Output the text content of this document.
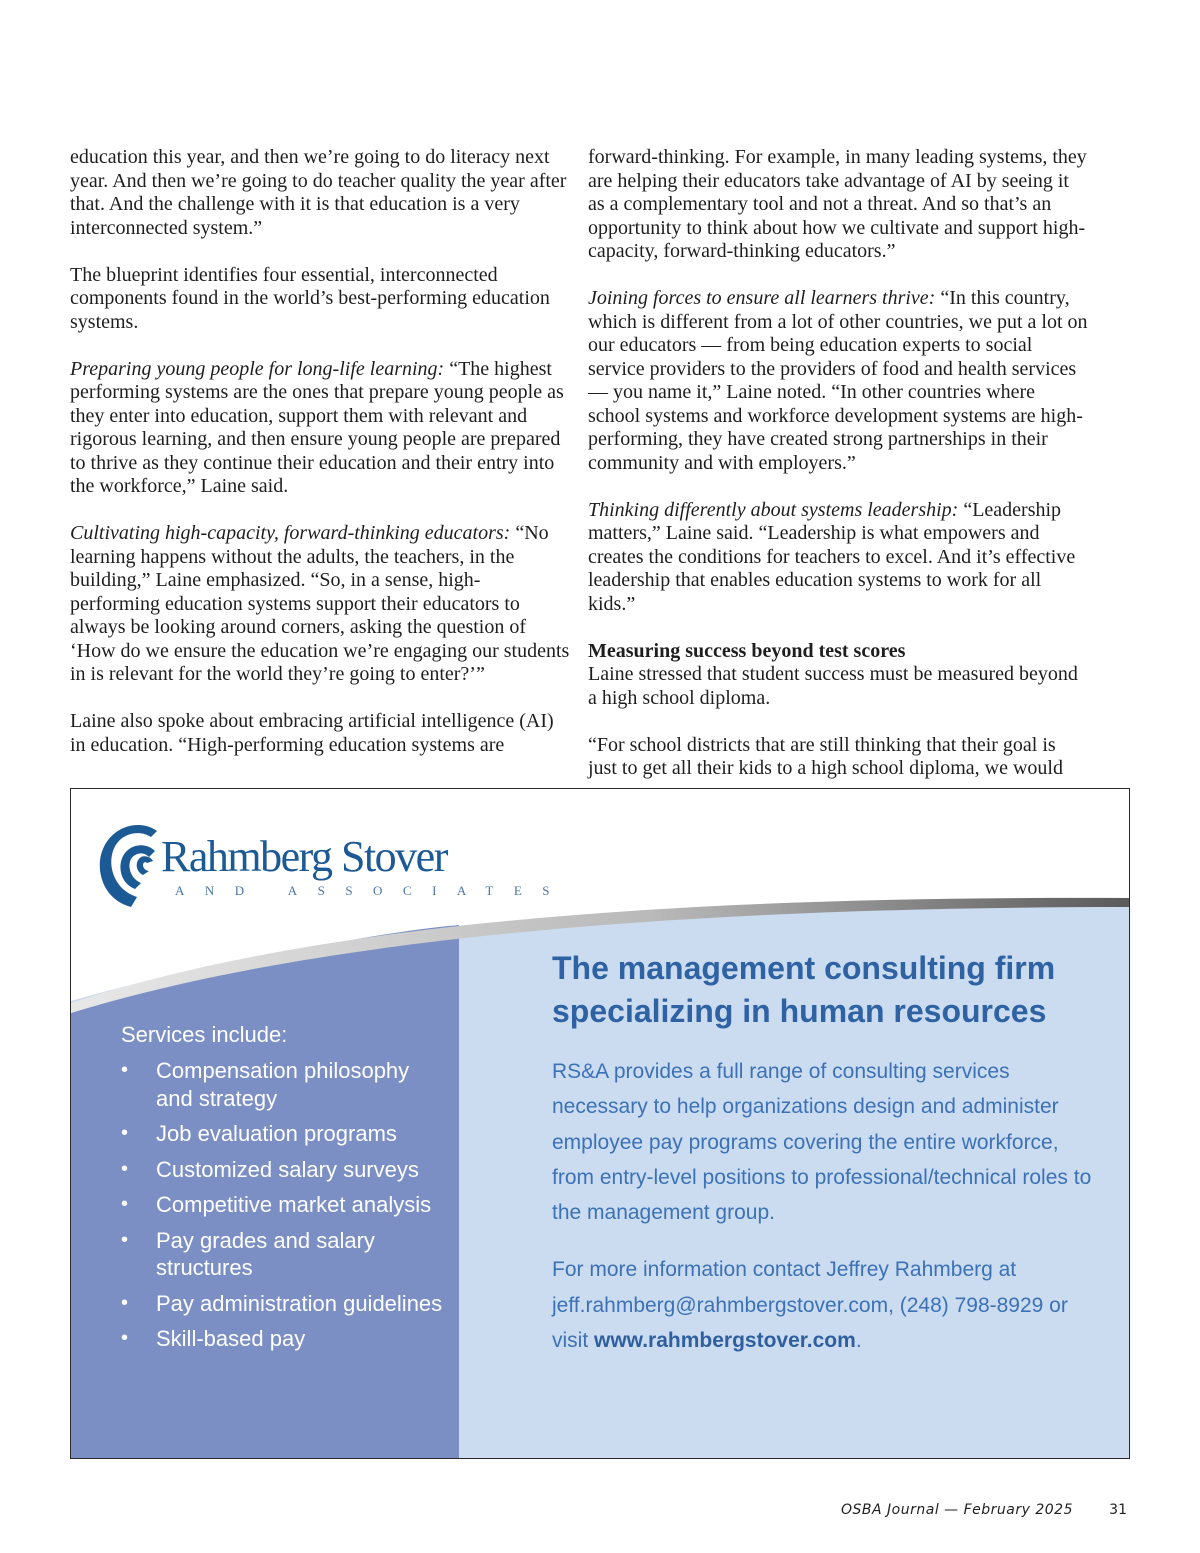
education this year, and then we’re going to do literacy next year. And then we’re going to do teacher quality the year after that. And the challenge with it is that education is a very interconnected system.”

The blueprint identifies four essential, interconnected components found in the world’s best-performing education systems.

Preparing young people for long-life learning: “The highest performing systems are the ones that prepare young people as they enter into education, support them with relevant and rigorous learning, and then ensure young people are prepared to thrive as they continue their education and their entry into the workforce,” Laine said.

Cultivating high-capacity, forward-thinking educators: “No learning happens without the adults, the teachers, in the building,” Laine emphasized. “So, in a sense, high-performing education systems support their educators to always be looking around corners, asking the question of ‘How do we ensure the education we’re engaging our students in is relevant for the world they’re going to enter?’”

Laine also spoke about embracing artificial intelligence (AI) in education. “High-performing education systems are

forward-thinking. For example, in many leading systems, they are helping their educators take advantage of AI by seeing it as a complementary tool and not a threat. And so that’s an opportunity to think about how we cultivate and support high-capacity, forward-thinking educators.”

Joining forces to ensure all learners thrive: “In this country, which is different from a lot of other countries, we put a lot on our educators — from being education experts to social service providers to the providers of food and health services — you name it,” Laine noted. “In other countries where school systems and workforce development systems are high-performing, they have created strong partnerships in their community and with employers.”

Thinking differently about systems leadership: “Leadership matters,” Laine said. “Leadership is what empowers and creates the conditions for teachers to excel. And it’s effective leadership that enables education systems to work for all kids.”

Measuring success beyond test scores

Laine stressed that student success must be measured beyond a high school diploma.

“For school districts that are still thinking that their goal is just to get all their kids to a high school diploma, we would

Rahmberg Stover
AND ASSOCIATES
Services include:
• Compensation philosophy and strategy
• Job evaluation programs
• Customized salary surveys
• Competitive market analysis
• Pay grades and salary structures
• Pay administration guidelines
• Skill-based pay
The management consulting firm specializing in human resources
RS&A provides a full range of consulting services necessary to help organizations design and administer employee pay programs covering the entire workforce, from entry-level positions to professional/technical roles to the management group.
For more information contact Jeffrey Rahmberg at jeff.rahmberg@rahmbergstover.com, (248) 798-8929 or visit www.rahmbergstover.com.
OSBA Journal — February 2025	31
